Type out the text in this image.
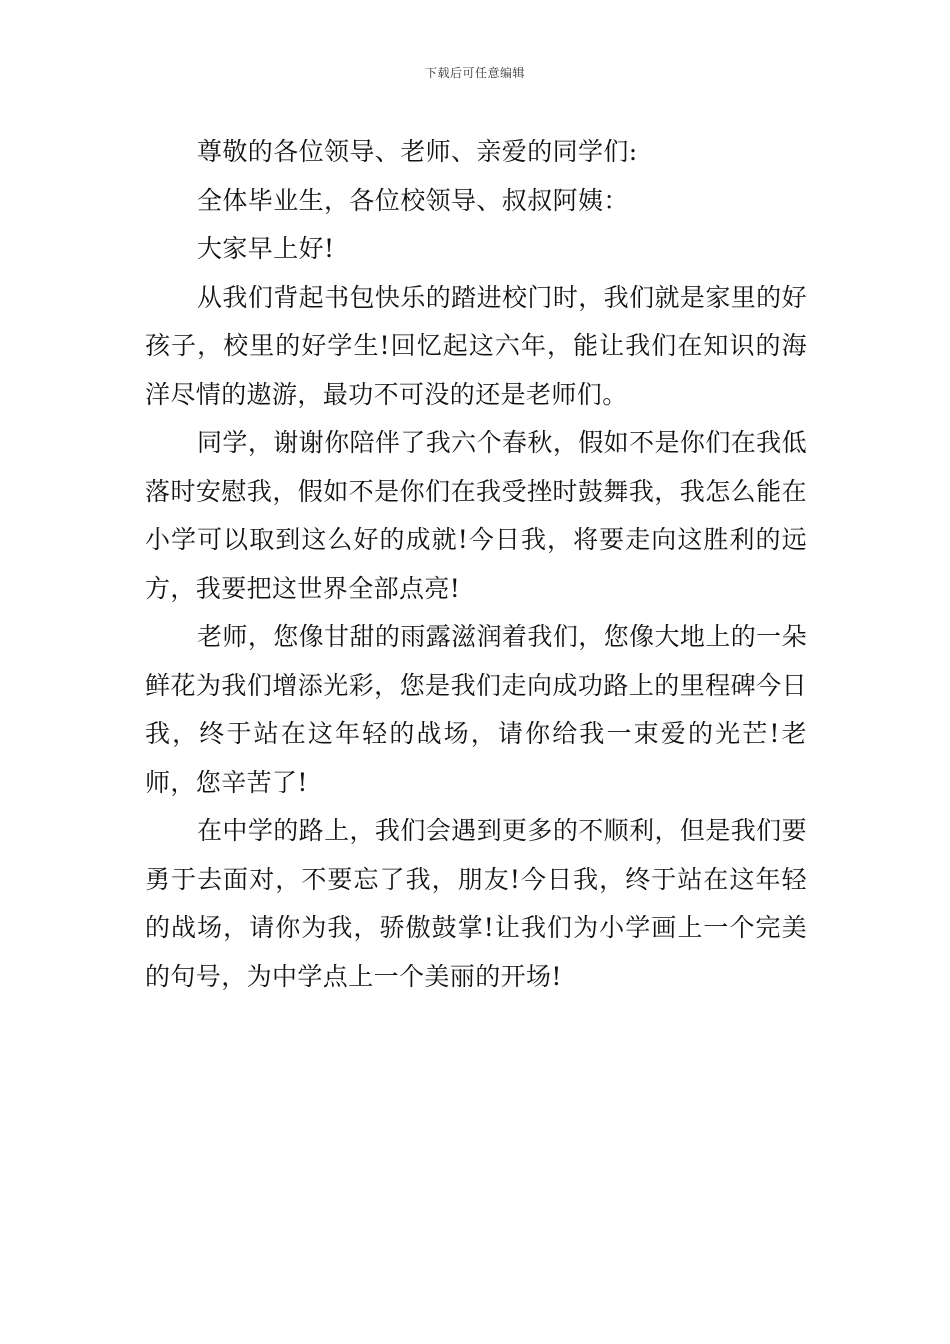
下载后可任意编辑

尊敬的各位领导、老师、亲爱的同学们:

全体毕业生，各位校领导、叔叔阿姨：

大家早上好!

从我们背起书包快乐的踏进校门时，我们就是家里的好孩子，校里的好学生!回忆起这六年，能让我们在知识的海洋尽情的遨游，最功不可没的还是老师们。

同学，谢谢你陪伴了我六个春秋，假如不是你们在我低落时安慰我，假如不是你们在我受挫时鼓舞我，我怎么能在小学可以取到这么好的成就!今日我，将要走向这胜利的远方，我要把这世界全部点亮!

老师，您像甘甜的雨露滋润着我们，您像大地上的一朵鲜花为我们增添光彩，您是我们走向成功路上的里程碑今日我，终于站在这年轻的战场，请你给我一束爱的光芒!老师，您辛苦了!

在中学的路上，我们会遇到更多的不顺利，但是我们要勇于去面对，不要忘了我，朋友!今日我，终于站在这年轻的战场，请你为我，骄傲鼓掌!让我们为小学画上一个完美的句号，为中学点上一个美丽的开场!
